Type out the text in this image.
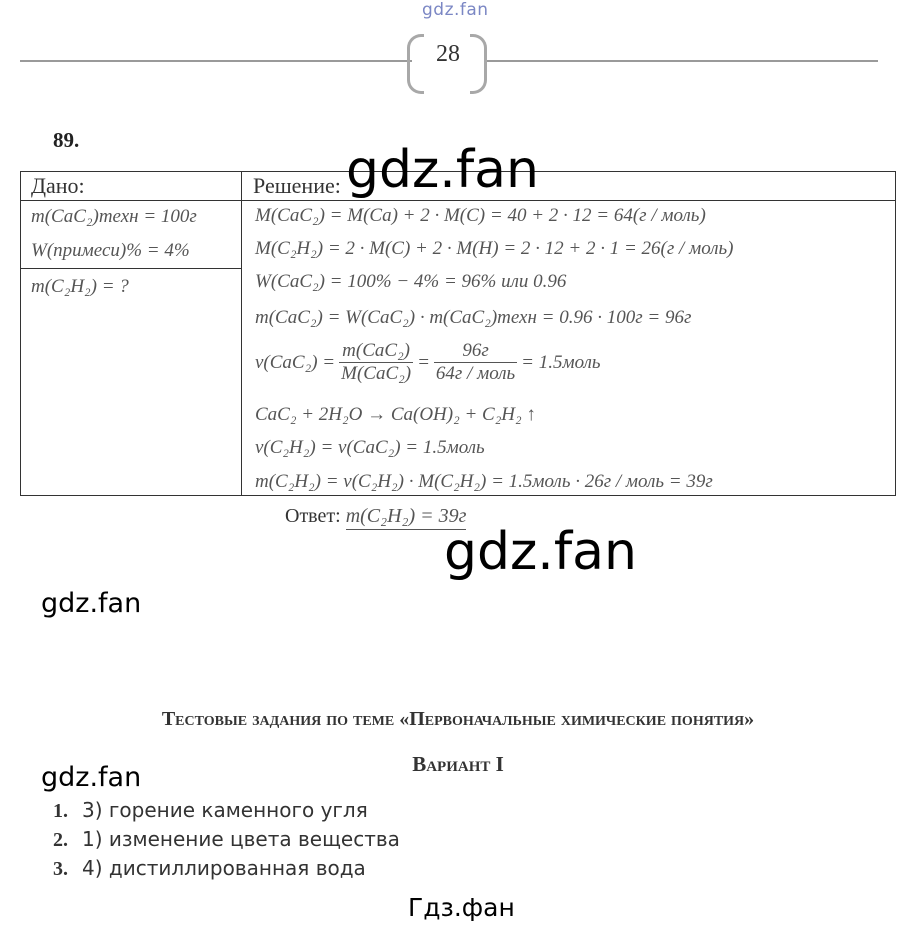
gdz.fan
28
89.
Дано:	Решение:
m(CaC₂)техн = 100г
W(примеси)% = 4%
m(C₂H₂) = ?
M(CaC₂) = M(Ca) + 2 · M(C) = 40 + 2 · 12 = 64(г / моль)
M(C₂H₂) = 2 · M(C) + 2 · M(H) = 2 · 12 + 2 · 1 = 26(г / моль)
W(CaC₂) = 100% − 4% = 96% или 0.96
m(CaC₂) = W(CaC₂) · m(CaC₂)техн = 0.96 · 100г = 96г
$\nu(CaC_2) = \frac{\text{m(CaC₂)}}{\text{M(CaC₂)}} = \frac{96г}{\text{64г / моль}}$ = 1.5моль
CaC₂ + 2H₂O → Ca(OH)₂ + C₂H₂ ↑
ν(C₂H₂) = ν(CaC₂) = 1.5моль
m(C₂H₂) = ν(C₂H₂) · M(C₂H₂) = 1.5моль · 26г / моль = 39г
Ответ: m(C₂H₂) = 39г
gdz.fan
gdz.fan
gdz.fan
gdz.fan
Тестовые задания по теме «Первоначальные химические понятия»
Вариант I
1. 3) горение каменного угля
2. 1) изменение цвета вещества
3. 4) дистиллированная вода
Гдз.фан
